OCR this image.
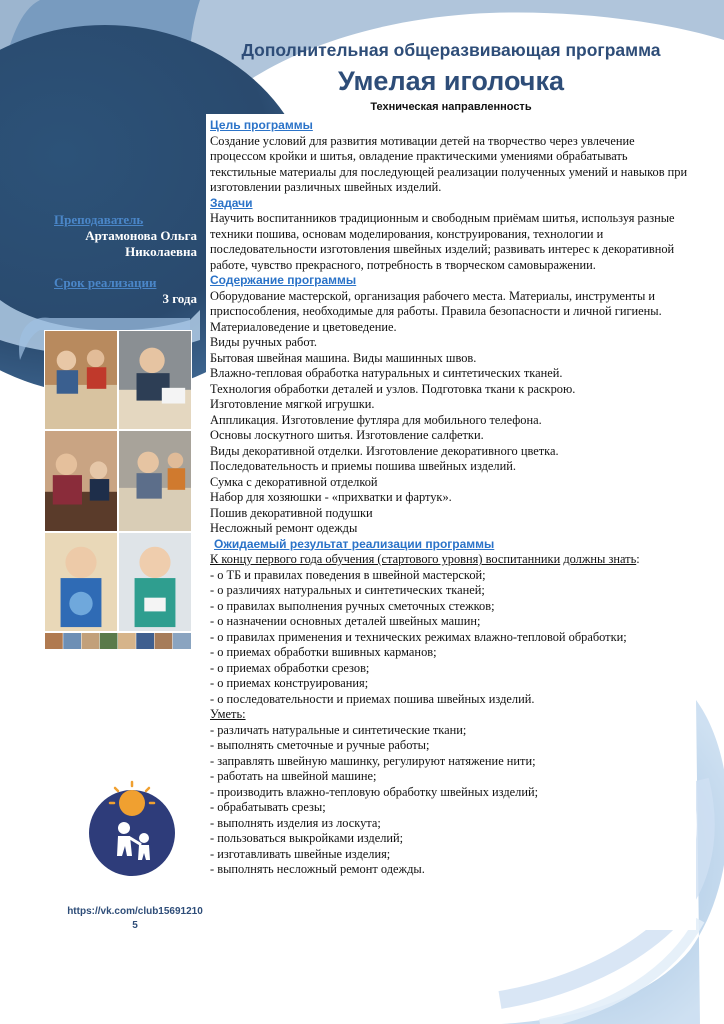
Дополнительная общеразвивающая программа
Умелая иголочка
Техническая направленность
Преподаватель
Артамонова Ольга
Николаевна
Срок реализации
3 года
https://vk.com/club15691210
5

Цель программы

Создание условий для развития мотивации детей на творчество через увлечение процессом кройки и шитья, овладение практическими умениями обрабатывать текстильные материалы для последующей реализации полученных умений и навыков при изготовлении различных швейных изделий.

Задачи

Научить воспитанников традиционным и свободным приёмам шитья, используя разные техники пошива, основам моделирования, конструирования, технологии и последовательности изготовления швейных изделий; развивать интерес к декоративной работе, чувство прекрасного, потребность в творческом самовыражении.

Содержание программы

Оборудование мастерской, организация рабочего места. Материалы, инструменты и приспособления, необходимые для работы. Правила безопасности и личной гигиены.

Материаловедение и цветоведение.

Виды ручных работ.

Бытовая швейная машина. Виды машинных швов.

Влажно-тепловая обработка натуральных и синтетических тканей.

Технология обработки деталей и узлов. Подготовка ткани к раскрою.

Изготовление мягкой игрушки.

Аппликация. Изготовление футляра для мобильного телефона.

Основы лоскутного шитья. Изготовление салфетки.

Виды декоративной отделки. Изготовление декоративного цветка.

Последовательность и приемы пошива швейных изделий.

Сумка с декоративной отделкой

Набор для хозяюшки - «прихватки и фартук».

Пошив декоративной подушки

Несложный ремонт одежды

Ожидаемый результат реализации программы

К концу первого года обучения (стартового уровня) воспитанники должны знать:

- о ТБ и правилах поведения в швейной мастерской;

- о различиях натуральных и синтетических тканей;

- о правилах выполнения ручных сметочных стежков;

- о назначении основных деталей швейных машин;

- о правилах применения и технических режимах влажно-тепловой обработки;

- о приемах обработки вшивных карманов;

- о приемах обработки срезов;

- о приемах конструирования;

- о последовательности и приемах пошива швейных изделий.

Уметь:

- различать натуральные и синтетические ткани;

- выполнять сметочные и ручные работы;

- заправлять швейную машинку, регулируют натяжение нити;

- работать на швейной машине;

- производить влажно-тепловую обработку швейных изделий;

- обрабатывать срезы;

- выполнять изделия из лоскута;

- пользоваться выкройками изделий;

- изготавливать швейные изделия;

- выполнять несложный ремонт одежды.
